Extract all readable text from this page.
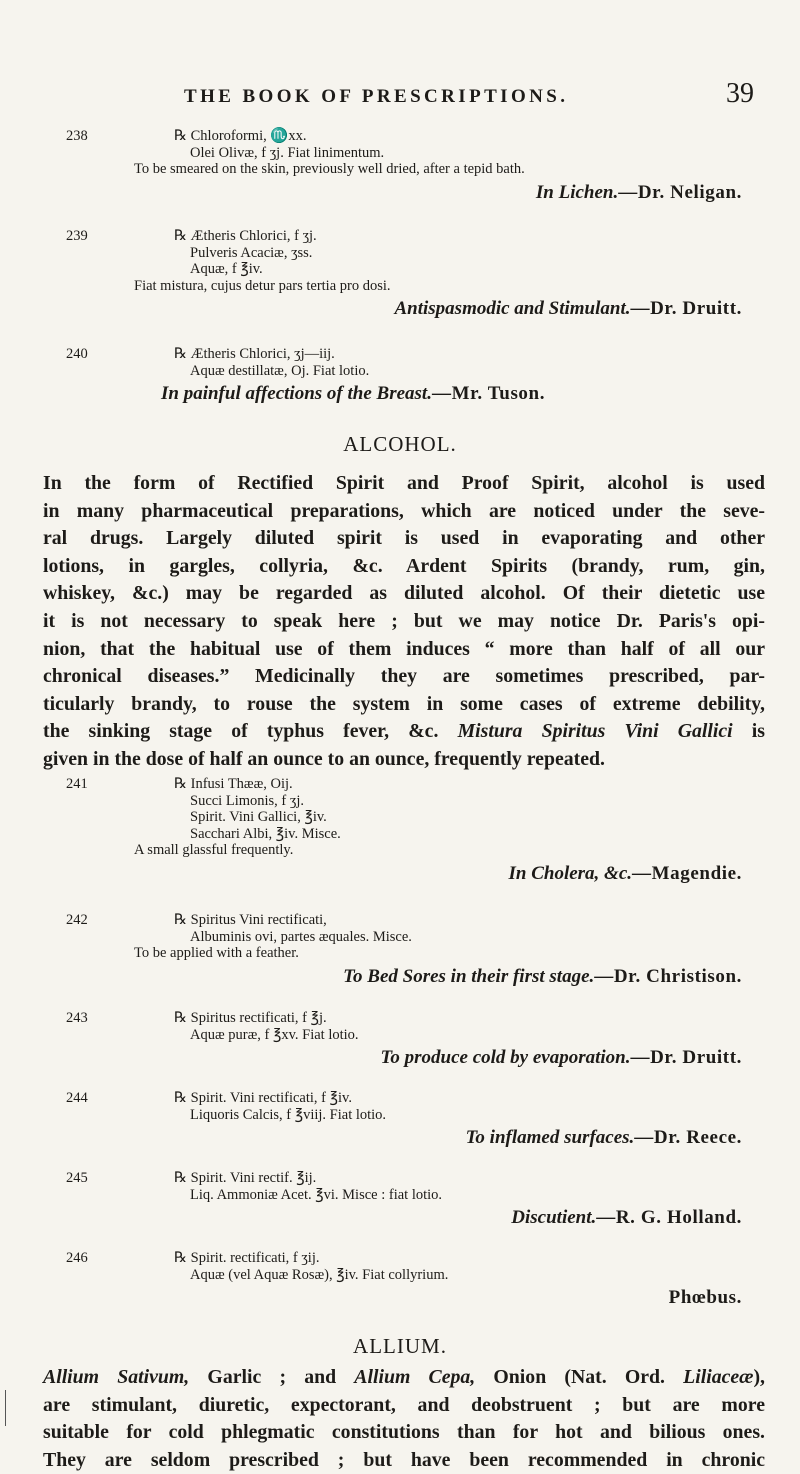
THE BOOK OF PRESCRIPTIONS.	39
238	℞ Chloroformi, ♏xx.
Olei Olivæ, f ʒj. Fiat linimentum.
To be smeared on the skin, previously well dried, after a tepid bath.
In Lichen.—Dr. Neligan.
239	℞ Ætheris Chlorici, f ʒj.
Pulveris Acaciæ, ʒss.
Aquæ, f ℥iv.
Fiat mistura, cujus detur pars tertia pro dosi.
Antispasmodic and Stimulant.—Dr. Druitt.
240	℞ Ætheris Chlorici, ʒj—iij.
Aquæ destillatæ, Oj. Fiat lotio.
In painful affections of the Breast.—Mr. Tuson.
ALCOHOL.
In the form of Rectified Spirit and Proof Spirit, alcohol is used
in many pharmaceutical preparations, which are noticed under the seve-
ral drugs. Largely diluted spirit is used in evaporating and other
lotions, in gargles, collyria, &c. Ardent Spirits (brandy, rum, gin,
whiskey, &c.) may be regarded as diluted alcohol. Of their dietetic use
it is not necessary to speak here ; but we may notice Dr. Paris's opi-
nion, that the habitual use of them induces “ more than half of all our
chronical diseases.” Medicinally they are sometimes prescribed, par-
ticularly brandy, to rouse the system in some cases of extreme debility,
the sinking stage of typhus fever, &c. Mistura Spiritus Vini Gallici is
given in the dose of half an ounce to an ounce, frequently repeated.
241	℞ Infusi Thææ, Oij.
Succi Limonis, f ʒj.
Spirit. Vini Gallici, ℥iv.
Sacchari Albi, ℥iv. Misce.
A small glassful frequently.
In Cholera, &c.—Magendie.
242	℞ Spiritus Vini rectificati,
Albuminis ovi, partes æquales. Misce.
To be applied with a feather.
To Bed Sores in their first stage.—Dr. Christison.
243	℞ Spiritus rectificati, f ℥j.
Aquæ puræ, f ℥xv. Fiat lotio.
To produce cold by evaporation.—Dr. Druitt.
244	℞ Spirit. Vini rectificati, f ℥iv.
Liquoris Calcis, f ℥viij. Fiat lotio.
To inflamed surfaces.—Dr. Reece.
245	℞ Spirit. Vini rectif. ℥ij.
Liq. Ammoniæ Acet. ℥vi. Misce : fiat lotio.
Discutient.—R. G. Holland.
246	℞ Spirit. rectificati, f ʒij.
Aquæ (vel Aquæ Rosæ), ℥iv. Fiat collyrium.
Phœbus.
ALLIUM.
Allium Sativum, Garlic ; and Allium Cepa, Onion (Nat. Ord. Liliaceæ),
are stimulant, diuretic, expectorant, and deobstruent ; but are more
suitable for cold phlegmatic constitutions than for hot and bilious ones.
They are seldom prescribed ; but have been recommended in chronic
